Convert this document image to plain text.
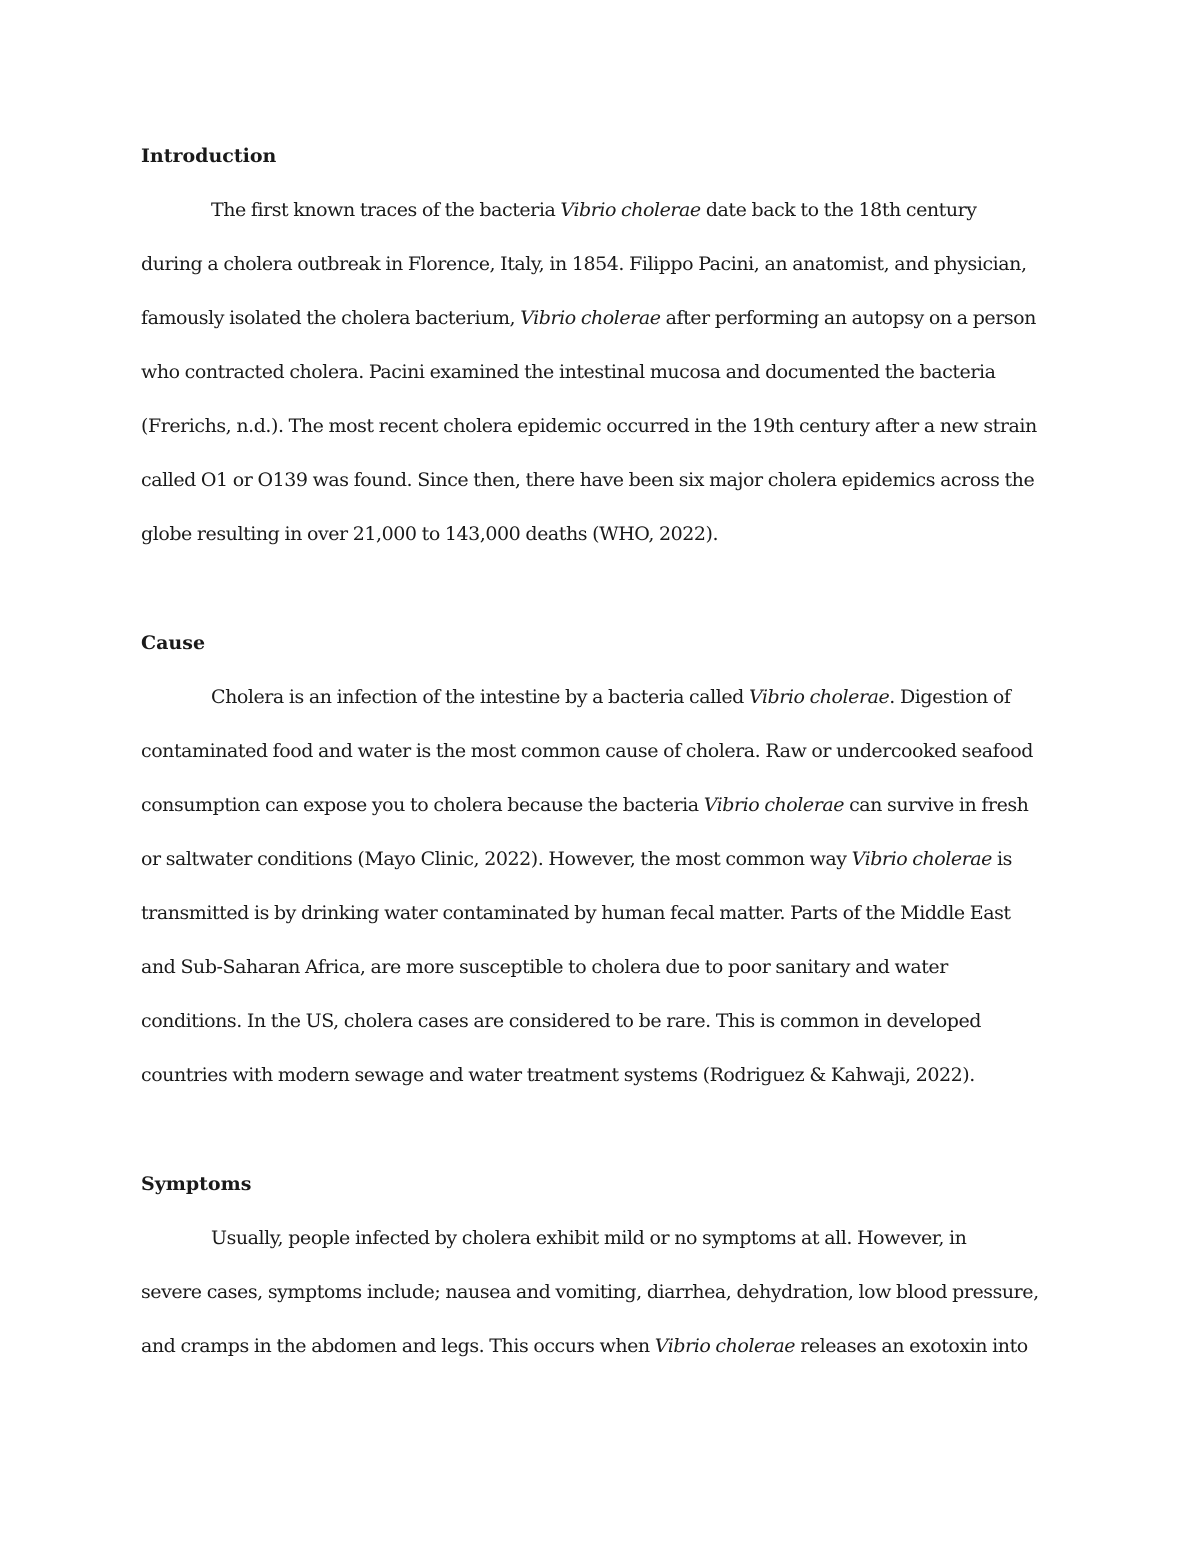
Introduction
The first known traces of the bacteria Vibrio cholerae date back to the 18th century
during a cholera outbreak in Florence, Italy, in 1854. Filippo Pacini, an anatomist, and physician,
famously isolated the cholera bacterium, Vibrio cholerae after performing an autopsy on a person
who contracted cholera. Pacini examined the intestinal mucosa and documented the bacteria
(Frerichs, n.d.). The most recent cholera epidemic occurred in the 19th century after a new strain
called O1 or O139 was found. Since then, there have been six major cholera epidemics across the
globe resulting in over 21,000 to 143,000 deaths (WHO, 2022).
Cause
Cholera is an infection of the intestine by a bacteria called Vibrio cholerae. Digestion of
contaminated food and water is the most common cause of cholera. Raw or undercooked seafood
consumption can expose you to cholera because the bacteria Vibrio cholerae can survive in fresh
or saltwater conditions (Mayo Clinic, 2022). However, the most common way Vibrio cholerae is
transmitted is by drinking water contaminated by human fecal matter. Parts of the Middle East
and Sub-Saharan Africa, are more susceptible to cholera due to poor sanitary and water
conditions. In the US, cholera cases are considered to be rare. This is common in developed
countries with modern sewage and water treatment systems (Rodriguez & Kahwaji, 2022).
Symptoms
Usually, people infected by cholera exhibit mild or no symptoms at all. However, in
severe cases, symptoms include; nausea and vomiting, diarrhea, dehydration, low blood pressure,
and cramps in the abdomen and legs. This occurs when Vibrio cholerae releases an exotoxin into
